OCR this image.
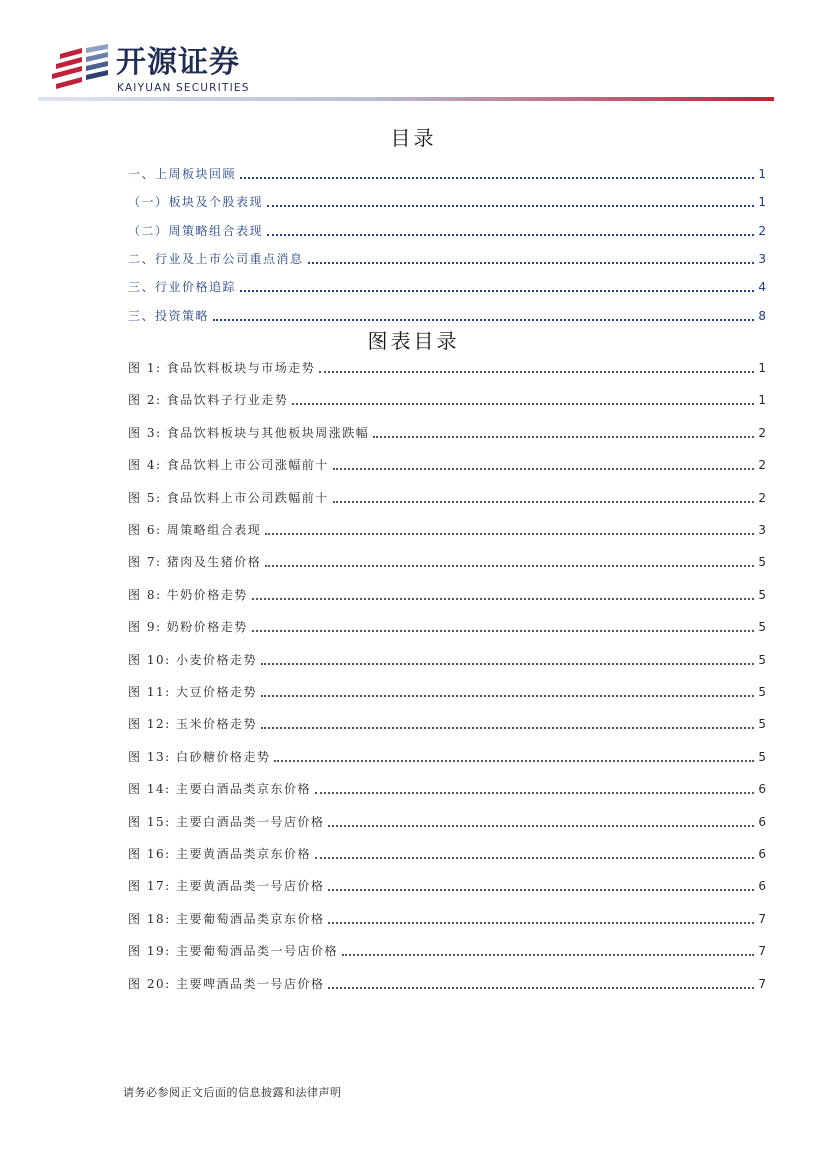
开源证券
KAIYUAN SECURITIES
目录
一、上周板块回顾	1
（一）板块及个股表现	1
（二）周策略组合表现	2
二、行业及上市公司重点消息	3
三、行业价格追踪	4
三、投资策略	8
图表目录
图 1: 食品饮料板块与市场走势	1
图 2: 食品饮料子行业走势	1
图 3: 食品饮料板块与其他板块周涨跌幅	2
图 4: 食品饮料上市公司涨幅前十	2
图 5: 食品饮料上市公司跌幅前十	2
图 6: 周策略组合表现	3
图 7: 猪肉及生猪价格	5
图 8: 牛奶价格走势	5
图 9: 奶粉价格走势	5
图 10: 小麦价格走势	5
图 11: 大豆价格走势	5
图 12: 玉米价格走势	5
图 13: 白砂糖价格走势	5
图 14: 主要白酒品类京东价格	6
图 15: 主要白酒品类一号店价格	6
图 16: 主要黄酒品类京东价格	6
图 17: 主要黄酒品类一号店价格	6
图 18: 主要葡萄酒品类京东价格	7
图 19: 主要葡萄酒品类一号店价格	7
图 20: 主要啤酒品类一号店价格	7
请务必参阅正文后面的信息披露和法律声明
